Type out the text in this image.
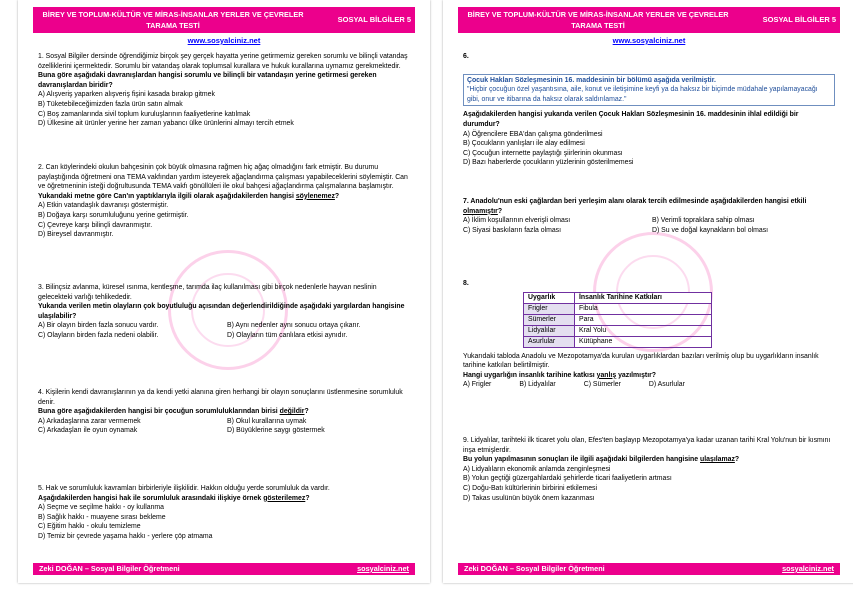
BİREY VE TOPLUM-KÜLTÜR VE MİRAS-İNSANLAR YERLER VE ÇEVRELER TARAMA TESTİ
SOSYAL BİLGİLER 5
www.sosyalciniz.net

1. Sosyal Bilgiler dersinde öğrendiğimiz birçok şey gerçek hayatta yerine getirmemiz gereken sorumlu ve bilinçli vatandaş özelliklerini içermektedir. Sorumlu bir vatandaş olarak toplumsal kurallara ve hukuk kurallarına uymamız gerekmektedir.

Buna göre aşağıdaki davranışlardan hangisi sorumlu ve bilinçli bir vatandaşın yerine getirmesi gereken davranışlardan biridir?

A) Alışveriş yaparken alışveriş fişini kasada bırakıp gitmek
B) Tüketebileceğimizden fazla ürün satın almak
C) Boş zamanlarında sivil toplum kuruluşlarının faaliyetlerine katılmak
D) Ülkesine ait ürünler yerine her zaman yabancı ülke ürünlerini almayı tercih etmek

2. Can köylerindeki okulun bahçesinin çok büyük olmasına rağmen hiç ağaç olmadığını fark etmiştir. Bu durumu paylaştığında öğretmeni ona TEMA vakfından yardım isteyerek ağaçlandırma çalışması yapabileceklerini söylemiştir. Can ve öğretmeninin isteği doğrultusunda TEMA vakfı gönüllüleri ile okul bahçesi ağaçlandırma çalışmalarına başlamıştır.

Yukarıdaki metne göre Can'ın yaptıklarıyla ilgili olarak aşağıdakilerden hangisi söylenemez?

A) Etkin vatandaşlık davranışı göstermiştir.
B) Doğaya karşı sorumluluğunu yerine getirmiştir.
C) Çevreye karşı bilinçli davranmıştır.
D) Bireysel davranmıştır.

3. Bilinçsiz avlanma, küresel ısınma, kentleşme, tarımda ilaç kullanılması gibi birçok nedenlerle hayvan neslinin gelecekteki varlığı tehlikededir.

Yukarıda verilen metin olayların çok boyutluluğu açısından değerlendirildiğinde aşağıdaki yargılardan hangisine ulaşılabilir?

A) Bir olayın birden fazla sonucu vardır.	B) Aynı nedenler aynı sonucu ortaya çıkarır.
C) Olayların birden fazla nedeni olabilir.	D) Olayların tüm canlılara etkisi aynıdır.

4. Kişilerin kendi davranışlarının ya da kendi yetki alanına giren herhangi bir olayın sonuçlarını üstlenmesine sorumluluk denir.

Buna göre aşağıdakilerden hangisi bir çocuğun sorumluluklarından birisi değildir?

A) Arkadaşlarına zarar vermemek	B) Okul kurallarına uymak
C) Arkadaşları ile oyun oynamak	D) Büyüklerine saygı göstermek

5. Hak ve sorumluluk kavramları birbirleriyle ilişkilidir. Hakkın olduğu yerde sorumluluk da vardır.

Aşağıdakilerden hangisi hak ile sorumluluk arasındaki ilişkiye örnek gösterilemez?

A) Seçme ve seçilme hakkı - oy kullanma
B) Sağlık hakkı - muayene sırası bekleme
C) Eğitim hakkı - okulu temizleme
D) Temiz bir çevrede yaşama hakkı - yerlere çöp atmama
Zeki DOĞAN – Sosyal Bilgiler Öğretmeni	sosyalciniz.net
BİREY VE TOPLUM-KÜLTÜR VE MİRAS-İNSANLAR YERLER VE ÇEVRELER TARAMA TESTİ
SOSYAL BİLGİLER 5
www.sosyalciniz.net

6.

Çocuk Hakları Sözleşmesinin 16. maddesinin bir bölümü aşağıda verilmiştir.

"Hiçbir çocuğun özel yaşantısına, aile, konut ve iletişimine keyfi ya da haksız bir biçimde müdahale yapılamayacağı gibi, onur ve itibarına da haksız olarak saldırılamaz."

Aşağıdakilerden hangisi yukarıda verilen Çocuk Hakları Sözleşmesinin 16. maddesinin ihlal edildiği bir durumdur?

A) Öğrencilere EBA'dan çalışma gönderilmesi
B) Çocukların yanlışları ile alay edilmesi
C) Çocuğun internette paylaştığı şiirlerinin okunması
D) Bazı haberlerde çocukların yüzlerinin gösterilmemesi

7. Anadolu'nun eski çağlardan beri yerleşim alanı olarak tercih edilmesinde aşağıdakilerden hangisi etkili olmamıştır?

A) İklim koşullarının elverişli olması	B) Verimli topraklara sahip olması
C) Siyasi baskıların fazla olması	D) Su ve doğal kaynakların bol olması

8.

Uygarlık	İnsanlık Tarihine Katkıları
Frigler	Fibula
Sümerler	Para
Lidyalılar	Kral Yolu
Asurlular	Kütüphane

Yukarıdaki tabloda Anadolu ve Mezopotamya'da kurulan uygarlıklardan bazıları verilmiş olup bu uygarlıkların insanlık tarihine katkıları belirtilmiştir.

Hangi uygarlığın insanlık tarihine katkısı yanlış yazılmıştır?

A) Frigler	B) Lidyalılar	C) Sümerler	D) Asurlular

9. Lidyalılar, tarihteki ilk ticaret yolu olan, Efes'ten başlayıp Mezopotamya'ya kadar uzanan tarihi Kral Yolu'nun bir kısmını inşa etmişlerdir.

Bu yolun yapılmasının sonuçları ile ilgili aşağıdaki bilgilerden hangisine ulaşılamaz?

A) Lidyalıların ekonomik anlamda zenginleşmesi
B) Yolun geçtiği güzergahlardaki şehirlerde ticari faaliyetlerin artması
C) Doğu-Batı kültürlerinin birbirini etkilemesi
D) Takas usulünün büyük önem kazanması
Zeki DOĞAN – Sosyal Bilgiler Öğretmeni	sosyalciniz.net
